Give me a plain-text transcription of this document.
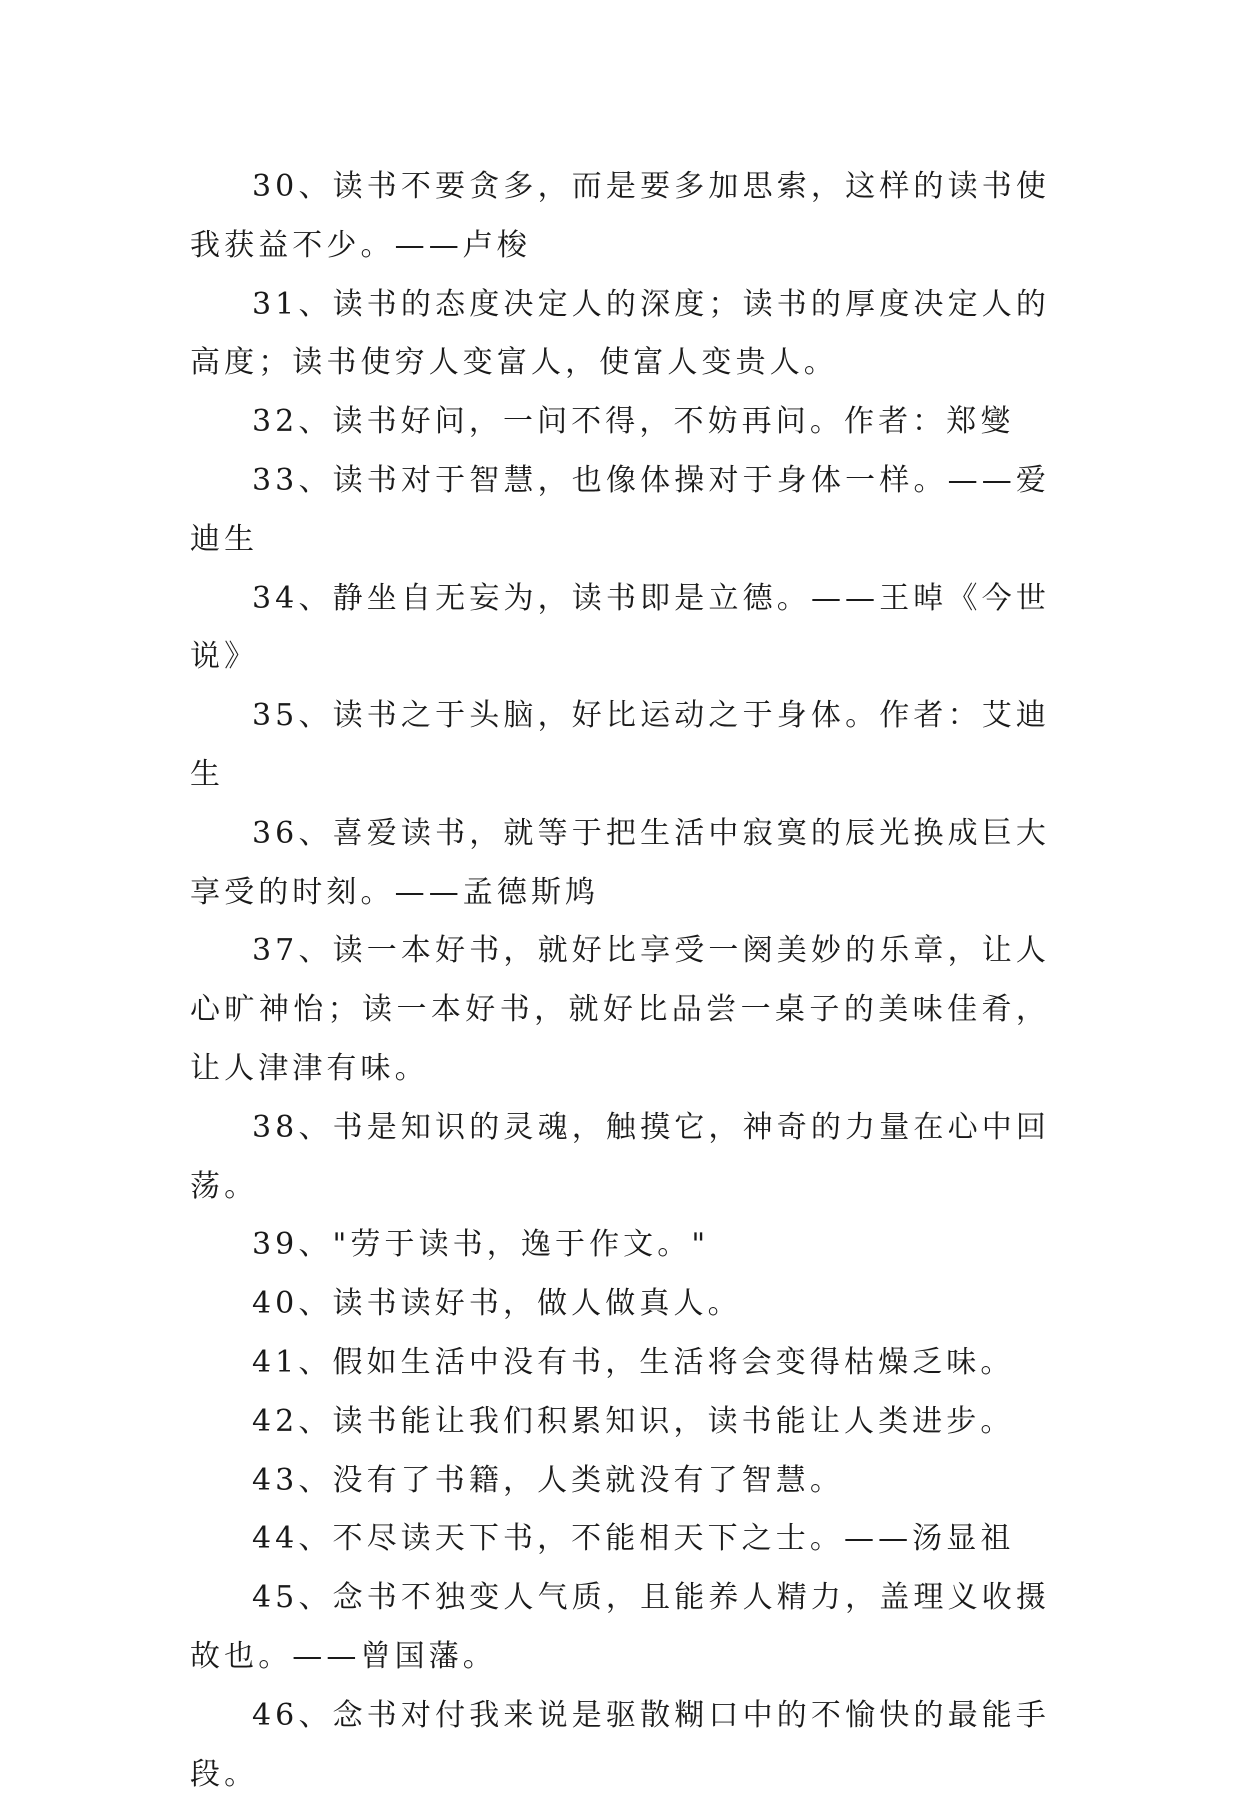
30、读书不要贪多，而是要多加思索，这样的读书使我获益不少。——卢梭

31、读书的态度决定人的深度；读书的厚度决定人的高度；读书使穷人变富人，使富人变贵人。

32、读书好问，一问不得，不妨再问。作者：郑燮

33、读书对于智慧，也像体操对于身体一样。——爱迪生

34、静坐自无妄为，读书即是立德。——王晫《今世说》

35、读书之于头脑，好比运动之于身体。作者：艾迪生

36、喜爱读书，就等于把生活中寂寞的辰光换成巨大享受的时刻。——孟德斯鸠

37、读一本好书，就好比享受一阕美妙的乐章，让人心旷神怡；读一本好书，就好比品尝一桌子的美味佳肴，让人津津有味。

38、书是知识的灵魂，触摸它，神奇的力量在心中回荡。

39、"劳于读书，逸于作文。"

40、读书读好书，做人做真人。

41、假如生活中没有书，生活将会变得枯燥乏味。

42、读书能让我们积累知识，读书能让人类进步。

43、没有了书籍，人类就没有了智慧。

44、不尽读天下书，不能相天下之士。——汤显祖

45、念书不独变人气质，且能养人精力，盖理义收摄故也。——曾国藩。

46、念书对付我来说是驱散糊口中的不愉快的最能手段。
